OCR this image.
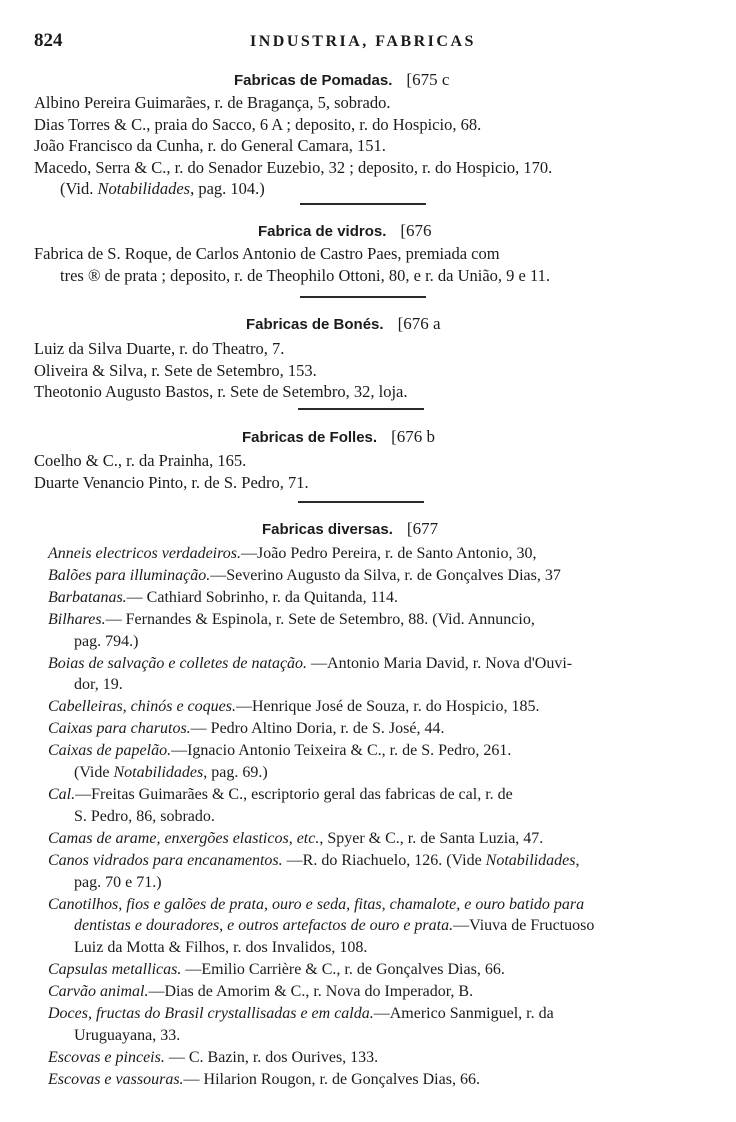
824	INDUSTRIA, FABRICAS
Fabricas de Pomadas. [675 c
Albino Pereira Guimarães, r. de Bragança, 5, sobrado.
Dias Torres & C., praia do Sacco, 6 A ; deposito, r. do Hospicio, 68.
João Francisco da Cunha, r. do General Camara, 151.
Macedo, Serra & C., r. do Senador Euzebio, 32 ; deposito, r. do Hospicio, 170.
(Vid. Notabilidades, pag. 104.)
Fabrica de vidros. [676
Fabrica de S. Roque, de Carlos Antonio de Castro Paes, premiada com
tres ® de prata ; deposito, r. de Theophilo Ottoni, 80, e r. da União, 9 e 11.
Fabricas de Bonés. [676 a
Luiz da Silva Duarte, r. do Theatro, 7.
Oliveira & Silva, r. Sete de Setembro, 153.
Theotonio Augusto Bastos, r. Sete de Setembro, 32, loja.
Fabricas de Folles. [676 b
Coelho & C., r. da Prainha, 165.
Duarte Venancio Pinto, r. de S. Pedro, 71.
Fabricas diversas. [677
Anneis electricos verdadeiros.—João Pedro Pereira, r. de Santo Antonio, 30,
Balões para illuminação.—Severino Augusto da Silva, r. de Gonçalves Dias, 37
Barbatanas.— Cathiard Sobrinho, r. da Quitanda, 114.
Bilhares.— Fernandes & Espinola, r. Sete de Setembro, 88. (Vid. Annuncio,
pag. 794.)
Boias de salvação e colletes de natação. —Antonio Maria David, r. Nova d'Ouvi-
dor, 19.
Cabelleiras, chinós e coques.—Henrique José de Souza, r. do Hospicio, 185.
Caixas para charutos.— Pedro Altino Doria, r. de S. José, 44.
Caixas de papelão.—Ignacio Antonio Teixeira & C., r. de S. Pedro, 261.
(Vide Notabilidades, pag. 69.)
Cal.—Freitas Guimarães & C., escriptorio geral das fabricas de cal, r. de
S. Pedro, 86, sobrado.
Camas de arame, enxergões elasticos, etc., Spyer & C., r. de Santa Luzia, 47.
Canos vidrados para encanamentos. —R. do Riachuelo, 126. (Vide Notabilidades,
pag. 70 e 71.)
Canotilhos, fios e galões de prata, ouro e seda, fitas, chamalote, e ouro batido para
dentistas e douradores, e outros artefactos de ouro e prata.—Viuva de Fructuoso
Luiz da Motta & Filhos, r. dos Invalidos, 108.
Capsulas metallicas. —Emilio Carrière & C., r. de Gonçalves Dias, 66.
Carvão animal.—Dias de Amorim & C., r. Nova do Imperador, B.
Doces, fructas do Brasil crystallisadas e em calda.—Americo Sanmiguel, r. da
Uruguayana, 33.
Escovas e pinceis. — C. Bazin, r. dos Ourives, 133.
Escovas e vassouras.— Hilarion Rougon, r. de Gonçalves Dias, 66.
